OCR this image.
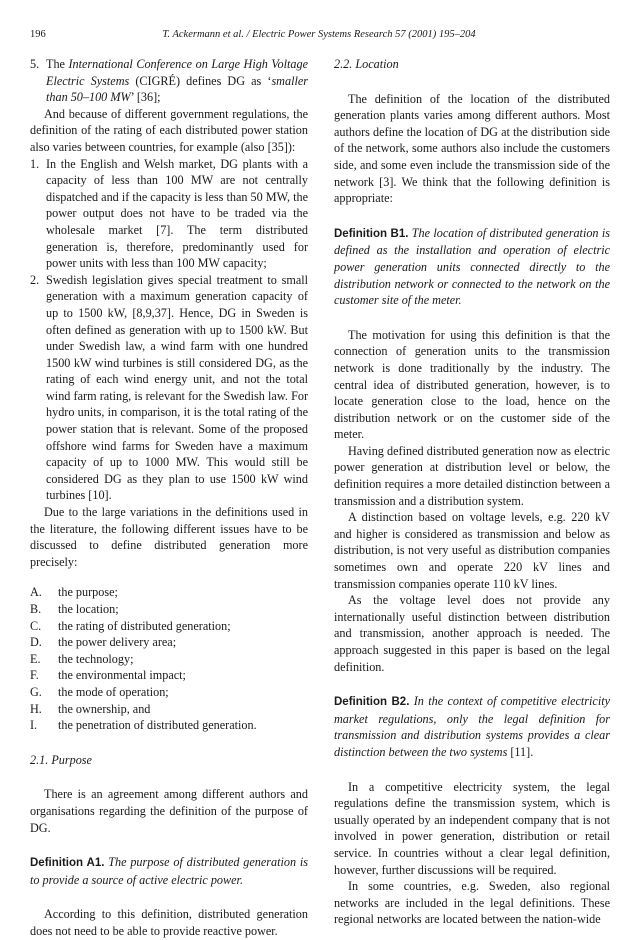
196	T. Ackermann et al. / Electric Power Systems Research 57 (2001) 195–204
5. The International Conference on Large High Voltage Electric Systems (CIGRÉ) defines DG as ‘smaller than 50–100 MW’ [36];

And because of different government regulations, the definition of the rating of each distributed power station also varies between countries, for example (also [35]):

1. In the English and Welsh market, DG plants with a capacity of less than 100 MW are not centrally dispatched and if the capacity is less than 50 MW, the power output does not have to be traded via the wholesale market [7]. The term distributed generation is, therefore, predominantly used for power units with less than 100 MW capacity;
2. Swedish legislation gives special treatment to small generation with a maximum generation capacity of up to 1500 kW, [8,9,37]. Hence, DG in Sweden is often defined as generation with up to 1500 kW. But under Swedish law, a wind farm with one hundred 1500 kW wind turbines is still considered DG, as the rating of each wind energy unit, and not the total wind farm rating, is relevant for the Swedish law. For hydro units, in comparison, it is the total rating of the power station that is relevant. Some of the proposed offshore wind farms for Sweden have a maximum capacity of up to 1000 MW. This would still be considered DG as they plan to use 1500 kW wind turbines [10].

Due to the large variations in the definitions used in the literature, the following different issues have to be discussed to define distributed generation more precisely:

A.	the purpose;
B.	the location;
C.	the rating of distributed generation;
D.	the power delivery area;
E.	the technology;
F.	the environmental impact;
G.	the mode of operation;
H.	the ownership, and
I.	the penetration of distributed generation.

2.1. Purpose

There is an agreement among different authors and organisations regarding the definition of the purpose of DG.

Definition A1. The purpose of distributed generation is to provide a source of active electric power.

According to this definition, distributed generation does not need to be able to provide reactive power.

2.2. Location

The definition of the location of the distributed generation plants varies among different authors. Most authors define the location of DG at the distribution side of the network, some authors also include the customers side, and some even include the transmission side of the network [3]. We think that the following definition is appropriate:

Definition B1. The location of distributed generation is defined as the installation and operation of electric power generation units connected directly to the distribution network or connected to the network on the customer site of the meter.

The motivation for using this definition is that the connection of generation units to the transmission network is done traditionally by the industry. The central idea of distributed generation, however, is to locate generation close to the load, hence on the distribution network or on the customer side of the meter.

Having defined distributed generation now as electric power generation at distribution level or below, the definition requires a more detailed distinction between a transmission and a distribution system.

A distinction based on voltage levels, e.g. 220 kV and higher is considered as transmission and below as distribution, is not very useful as distribution companies sometimes own and operate 220 kV lines and transmission companies operate 110 kV lines.

As the voltage level does not provide any internationally useful distinction between distribution and transmission, another approach is needed. The approach suggested in this paper is based on the legal definition.

Definition B2. In the context of competitive electricity market regulations, only the legal definition for transmission and distribution systems provides a clear distinction between the two systems [11].

In a competitive electricity system, the legal regulations define the transmission system, which is usually operated by an independent company that is not involved in power generation, distribution or retail service. In countries without a clear legal definition, however, further discussions will be required.

In some countries, e.g. Sweden, also regional networks are included in the legal definitions. These regional networks are located between the nation-wide
